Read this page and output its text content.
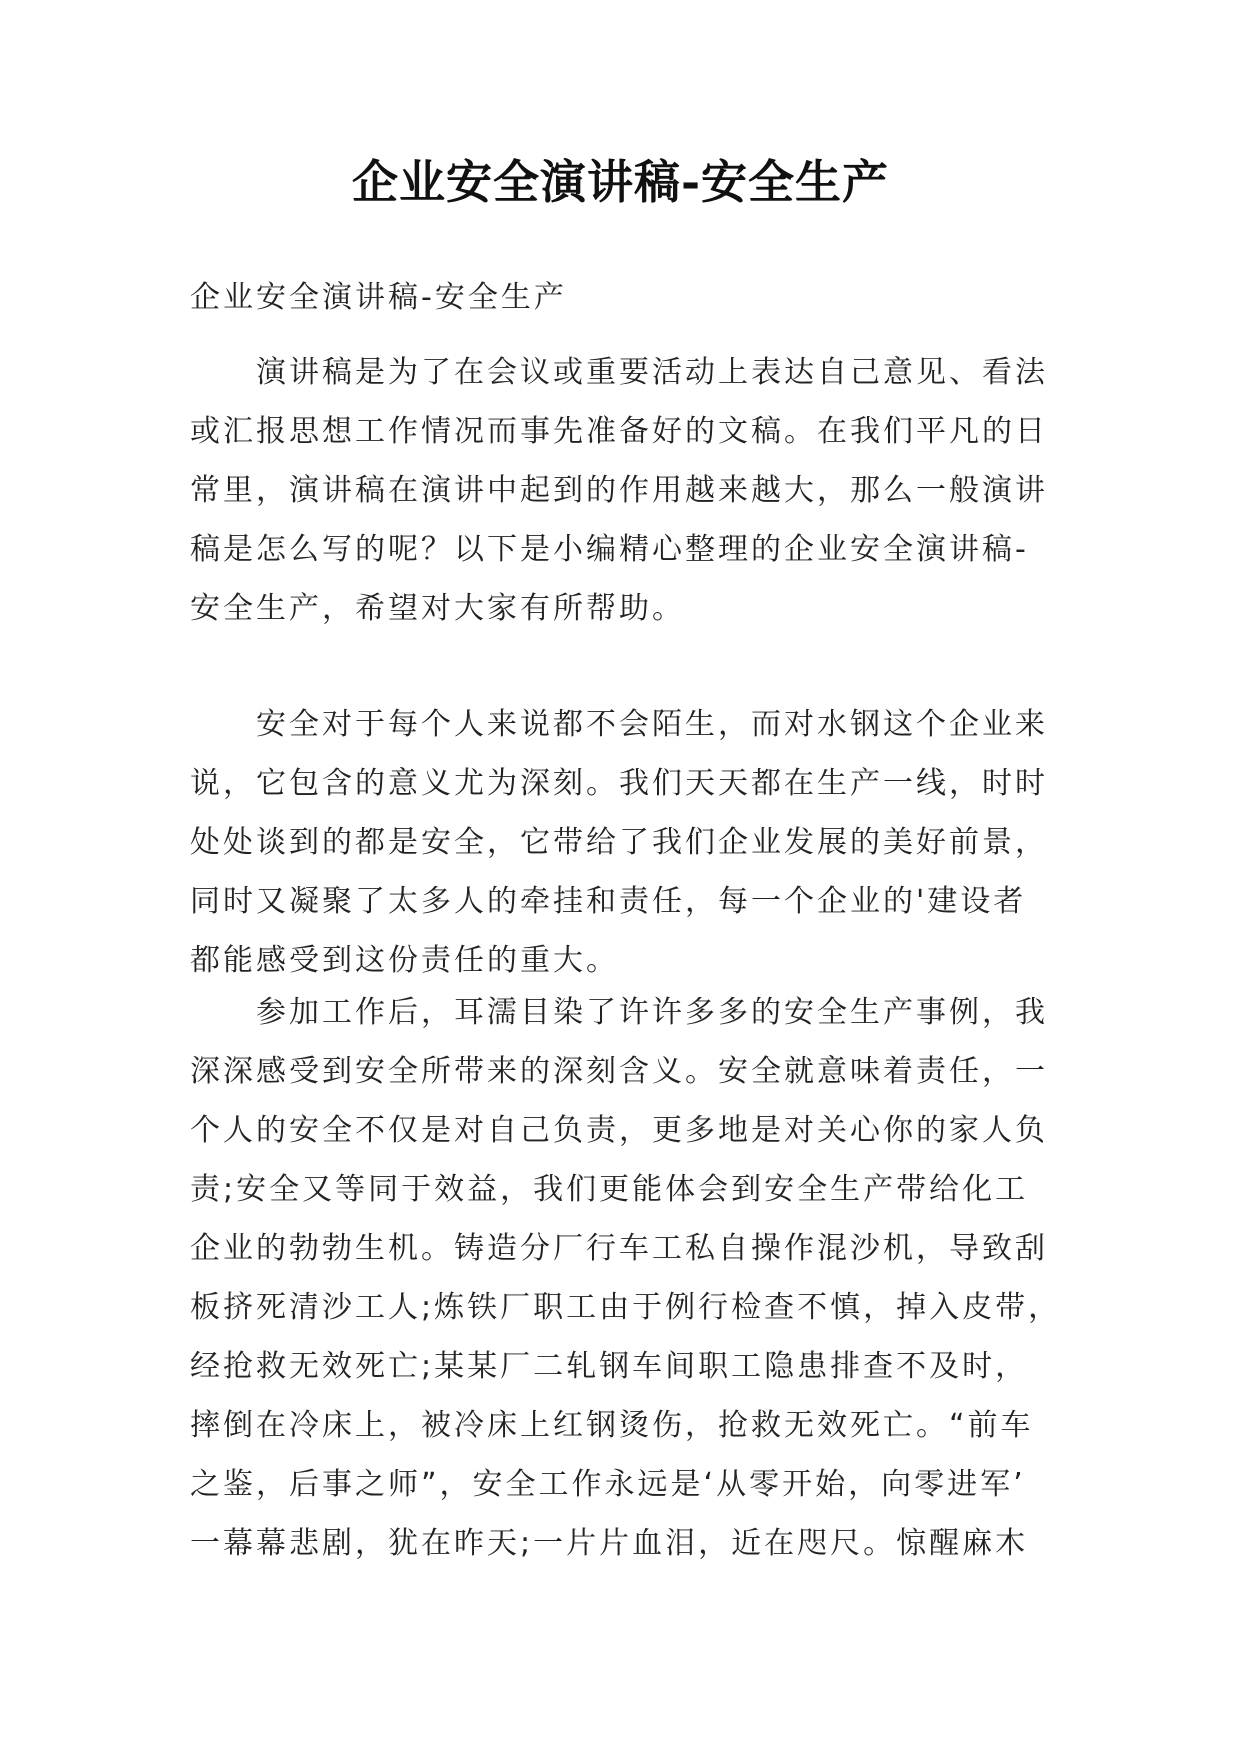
企业安全演讲稿-安全生产
企业安全演讲稿-安全生产
　　演讲稿是为了在会议或重要活动上表达自己意见、看法
或汇报思想工作情况而事先准备好的文稿。在我们平凡的日
常里，演讲稿在演讲中起到的作用越来越大，那么一般演讲
稿是怎么写的呢？以下是小编精心整理的企业安全演讲稿-
安全生产，希望对大家有所帮助。
　　安全对于每个人来说都不会陌生，而对水钢这个企业来
说，它包含的意义尤为深刻。我们天天都在生产一线，时时
处处谈到的都是安全，它带给了我们企业发展的美好前景，
同时又凝聚了太多人的牵挂和责任，每一个企业的'建设者
都能感受到这份责任的重大。
　　参加工作后，耳濡目染了许许多多的安全生产事例，我
深深感受到安全所带来的深刻含义。安全就意味着责任，一
个人的安全不仅是对自己负责，更多地是对关心你的家人负
责;安全又等同于效益，我们更能体会到安全生产带给化工
企业的勃勃生机。铸造分厂行车工私自操作混沙机，导致刮
板挤死清沙工人;炼铁厂职工由于例行检查不慎，掉入皮带，
经抢救无效死亡;某某厂二轧钢车间职工隐患排查不及时，
摔倒在冷床上，被冷床上红钢烫伤，抢救无效死亡。“前车
之鉴，后事之师”，安全工作永远是‘从零开始，向零进军’
一幕幕悲剧，犹在昨天;一片片血泪，近在咫尺。惊醒麻木
